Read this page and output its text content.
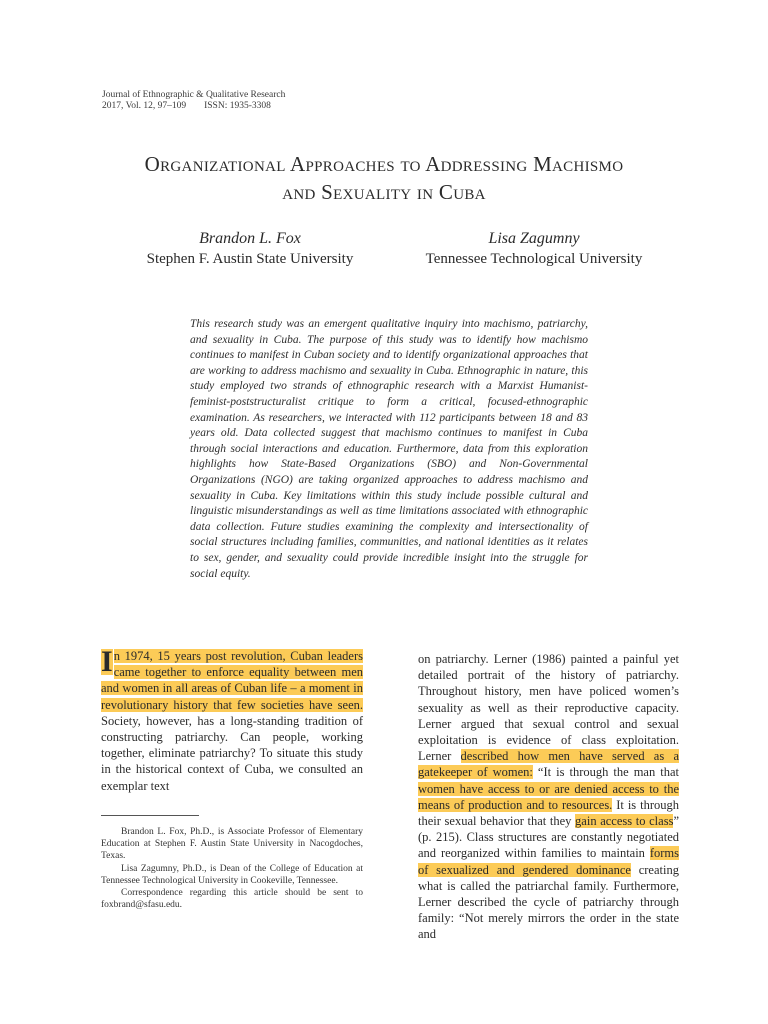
Journal of Ethnographic & Qualitative Research
2017, Vol. 12, 97–109 ISSN: 1935-3308
Organizational Approaches to Addressing Machismo
and Sexuality in Cuba
Brandon L. Fox
Stephen F. Austin State University
Lisa Zagumny
Tennessee Technological University
This research study was an emergent qualitative inquiry into machismo, patriarchy, and sexuality in Cuba. The purpose of this study was to identify how machismo continues to manifest in Cuban society and to identify organizational approaches that are working to address machismo and sexuality in Cuba. Ethnographic in nature, this study employed two strands of ethnographic research with a Marxist Humanist-feminist-poststructuralist critique to form a critical, focused-ethnographic examination. As researchers, we interacted with 112 participants between 18 and 83 years old. Data collected suggest that machismo continues to manifest in Cuba through social interactions and education. Furthermore, data from this exploration highlights how State-Based Organizations (SBO) and Non-Governmental Organizations (NGO) are taking organized approaches to address machismo and sexuality in Cuba. Key limitations within this study include possible cultural and linguistic misunderstandings as well as time limitations associated with ethnographic data collection. Future studies examining the complexity and intersectionality of social structures including families, communities, and national identities as it relates to sex, gender, and sexuality could provide incredible insight into the struggle for social equity.
I n 1974, 15 years post revolution, Cuban leaders came together to enforce equality between men and women in all areas of Cuban life – a moment in revolutionary history that few societies have seen. Society, however, has a long-standing tradition of constructing patriarchy. Can people, working together, eliminate patriarchy? To situate this study in the historical context of Cuba, we consulted an exemplar text
on patriarchy. Lerner (1986) painted a painful yet detailed portrait of the history of patriarchy. Throughout history, men have policed women’s sexuality as well as their reproductive capacity. Lerner argued that sexual control and sexual exploitation is evidence of class exploitation. Lerner described how men have served as a gatekeeper of women: “It is through the man that women have access to or are denied access to the means of production and to resources. It is through their sexual behavior that they gain access to class” (p. 215). Class structures are constantly negotiated and reorganized within families to maintain forms of sexualized and gendered dominance creating what is called the patriarchal family. Furthermore, Lerner described the cycle of patriarchy through family: “Not merely mirrors the order in the state and

Brandon L. Fox, Ph.D., is Associate Professor of Elementary Education at Stephen F. Austin State University in Nacogdoches, Texas.

Lisa Zagumny, Ph.D., is Dean of the College of Education at Tennessee Technological University in Cookeville, Tennessee.

Correspondence regarding this article should be sent to foxbrand@sfasu.edu.
